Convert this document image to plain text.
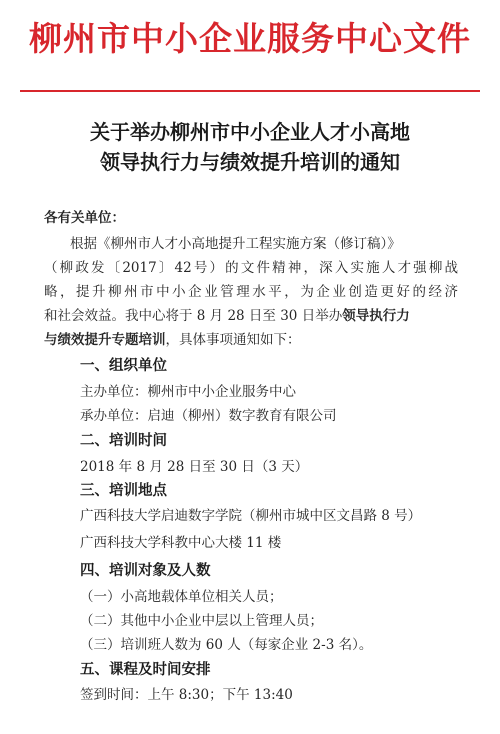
柳州市中小企业服务中心文件
关于举办柳州市中小企业人才小高地
领导执行力与绩效提升培训的通知
各有关单位：
根据《柳州市人才小高地提升工程实施方案（修订稿）》
（柳政发〔2017〕42号）的文件精神，深入实施人才强柳战
略，提升柳州市中小企业管理水平，为企业创造更好的经济
和社会效益。我中心将于 8 月 28 日至 30 日举办领导执行力
与绩效提升专题培训，具体事项通知如下：
一、组织单位
主办单位：柳州市中小企业服务中心
承办单位：启迪（柳州）数字教育有限公司
二、培训时间
2018 年 8 月 28 日至 30 日（3 天）
三、培训地点
广西科技大学启迪数字学院（柳州市城中区文昌路 8 号）
广西科技大学科教中心大楼 11 楼
四、培训对象及人数
（一）小高地载体单位相关人员；
（二）其他中小企业中层以上管理人员；
（三）培训班人数为 60 人（每家企业 2-3 名）。
五、课程及时间安排
签到时间：上午 8:30；下午 13:40
